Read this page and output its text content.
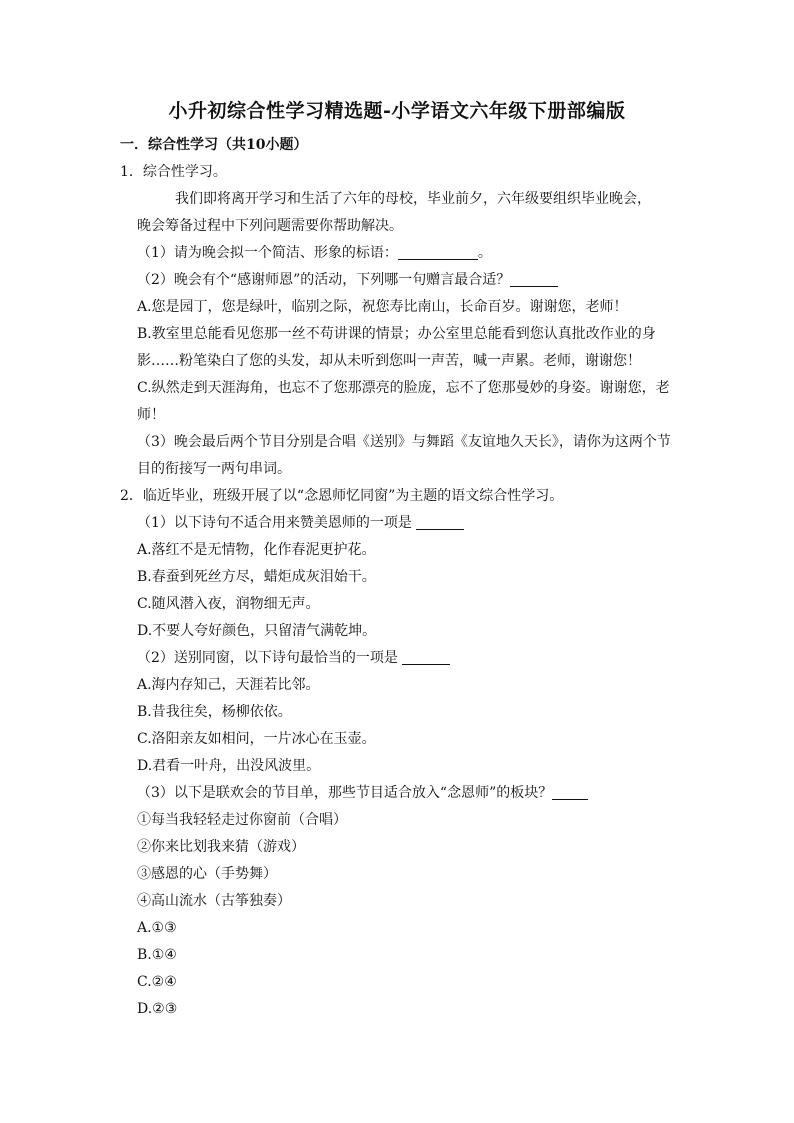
小升初综合性学习精选题-小学语文六年级下册部编版
一．综合性学习（共10小题）
1．综合性学习。
我们即将离开学习和生活了六年的母校，毕业前夕，六年级要组织毕业晚会，
晚会筹备过程中下列问题需要你帮助解决。
（1）请为晚会拟一个简洁、形象的标语：	。
（2）晚会有个“感谢师恩”的活动，下列哪一句赠言最合适？
A.您是园丁，您是绿叶，临别之际，祝您寿比南山，长命百岁。谢谢您，老师！
B.教室里总能看见您那一丝不苟讲课的情景；办公室里总能看到您认真批改作业的身
影……粉笔染白了您的头发，却从未听到您叫一声苦，喊一声累。老师，谢谢您！
C.纵然走到天涯海角，也忘不了您那漂亮的脸庞，忘不了您那曼妙的身姿。谢谢您，老
师！
（3）晚会最后两个节目分别是合唱《送别》与舞蹈《友谊地久天长》，请你为这两个节
目的衔接写一两句串词。
2．临近毕业，班级开展了以“念恩师忆同窗”为主题的语文综合性学习。
（1）以下诗句不适合用来赞美恩师的一项是
A.落红不是无情物，化作春泥更护花。
B.春蚕到死丝方尽，蜡炬成灰泪始干。
C.随风潜入夜，润物细无声。
D.不要人夸好颜色，只留清气满乾坤。
（2）送别同窗，以下诗句最恰当的一项是
A.海内存知己，天涯若比邻。
B.昔我往矣，杨柳依依。
C.洛阳亲友如相问，一片冰心在玉壶。
D.君看一叶舟，出没风波里。
（3）以下是联欢会的节目单，那些节目适合放入“念恩师”的板块？
①每当我轻轻走过你窗前（合唱）
②你来比划我来猜（游戏）
③感恩的心（手势舞）
④高山流水（古筝独奏）
A.①③
B.①④
C.②④
D.②③
